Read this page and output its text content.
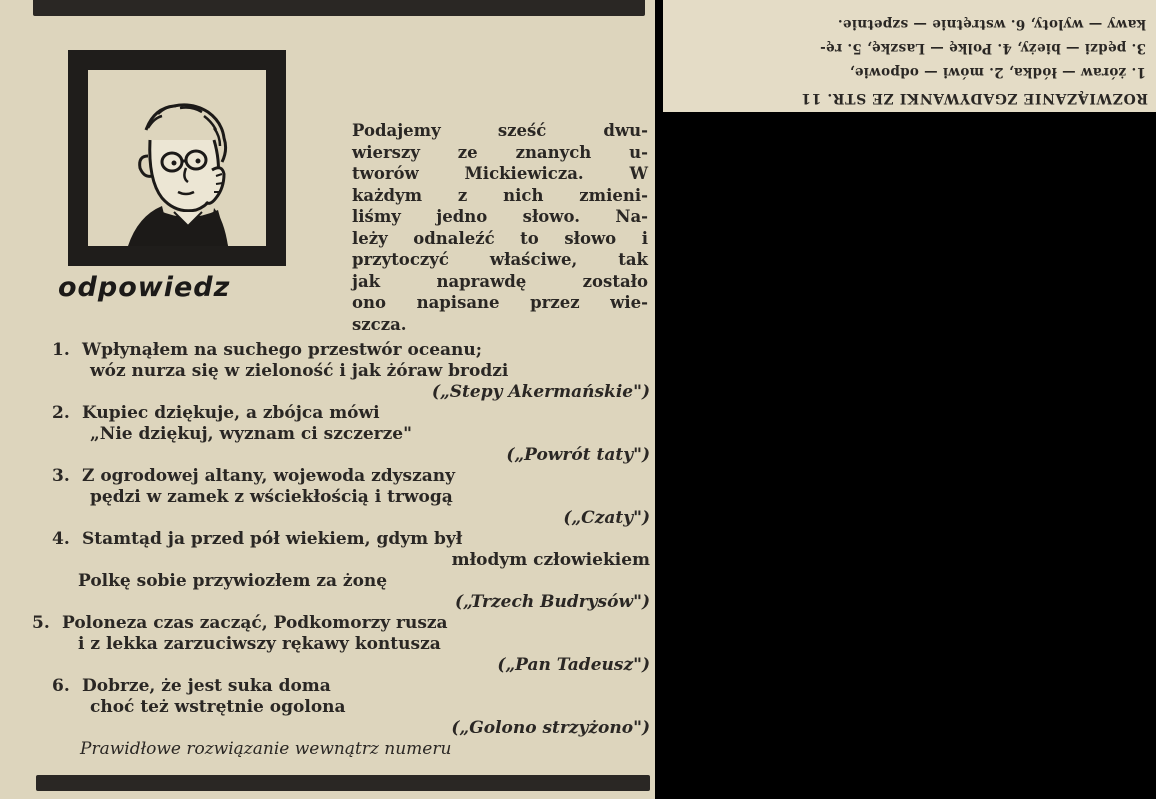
odpowiedz
Podajemy sześć dwu-
wierszy ze znanych u-
tworów Mickiewicza. W
każdym z nich zmieni-
liśmy jedno słowo. Na-
leży odnaleźć to słowo i
przytoczyć właściwe, tak
jak naprawdę zostało
ono napisane przez wie-
szcza.
1. Wpłynąłem na suchego przestwór oceanu;
wóz nurza się w zieloność i jak żóraw brodzi
(„Stepy Akermańskie")
2. Kupiec dziękuje, a zbójca mówi
„Nie dziękuj, wyznam ci szczerze"
(„Powrót taty")
3. Z ogrodowej altany, wojewoda zdyszany
pędzi w zamek z wściekłością i trwogą
(„Czaty")
4. Stamtąd ja przed pół wiekiem, gdym był
młodym człowiekiem
Polkę sobie przywiozłem za żonę
(„Trzech Budrysów")
5. Poloneza czas zacząć, Podkomorzy rusza
i z lekka zarzuciwszy rękawy kontusza
(„Pan Tadeusz")
6. Dobrze, że jest suka doma
choć też wstrętnie ogolona
(„Golono strzyżono")
Prawidłowe rozwiązanie wewnątrz numeru
ROZWIĄZANIE ZGADYWANKI ZE STR. 11
1. żóraw — łódka, 2. mówi — odpowie,
3. pędzi — bieży, 4. Polkę — Laszkę, 5. rę-
kawy — wyloty, 6. wstrętnie — szpetnie.
